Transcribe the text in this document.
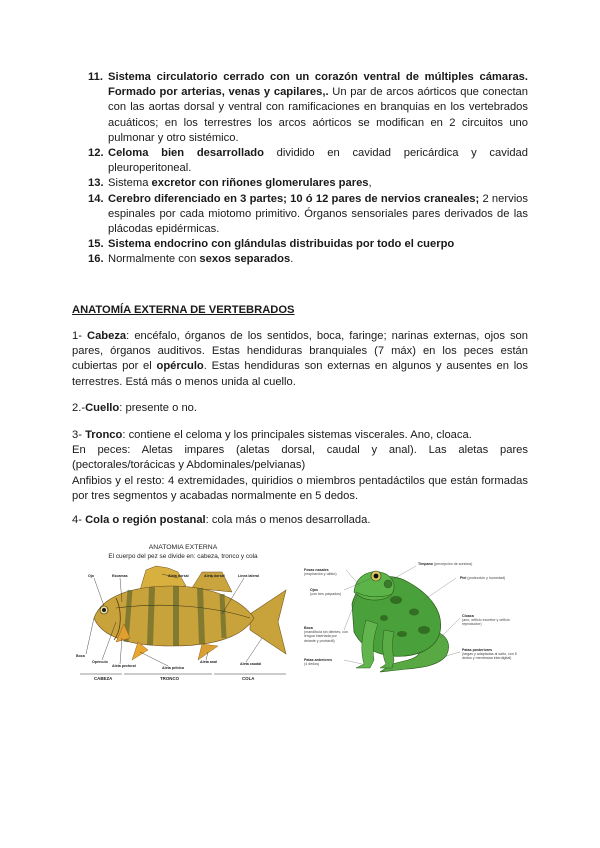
11. Sistema circulatorio cerrado con un corazón ventral de múltiples cámaras. Formado por arterias, venas y capilares,. Un par de arcos aórticos que conectan con las aortas dorsal y ventral con ramificaciones en branquias en los vertebrados acuáticos; en los terrestres los arcos aórticos se modifican en 2 circuitos uno pulmonar y otro sistémico.
12. Celoma bien desarrollado dividido en cavidad pericárdica y cavidad pleuroperitoneal.
13. Sistema excretor con riñones glomerulares pares,
14. Cerebro diferenciado en 3 partes; 10 ó 12 pares de nervios craneales; 2 nervios espinales por cada miotomo primitivo. Órganos sensoriales pares derivados de las plácodas epidérmicas.
15. Sistema endocrino con glándulas distribuidas por todo el cuerpo
16. Normalmente con sexos separados.
ANATOMÍA EXTERNA DE VERTEBRADOS
1- Cabeza: encéfalo, órganos de los sentidos, boca, faringe; narinas externas, ojos son pares, órganos auditivos. Estas hendiduras branquiales (7 máx) en los peces están cubiertas por el opérculo. Estas hendiduras son externas en algunos y ausentes en los terrestres. Está más o menos unida al cuello.
2.-Cuello: presente o no.
3- Tronco: contiene el celoma y los principales sistemas viscerales. Ano, cloaca.
En peces: Aletas impares (aletas dorsal, caudal y anal). Las aletas pares (pectorales/torácicas y Abdominales/pelvianas)
Anfibios y el resto: 4 extremidades, quiridios o miembros pentadáctilos que están formadas por tres segmentos y acabadas normalmente en 5 dedos.
4- Cola o región postanal: cola más o menos desarrollada.
ANATOMIA EXTERNA
El cuerpo del pez se divide en: cabeza, tronco y cola
Ojo	Escamas	Aleta dorsal	Aleta dorsal	Línea lateral
Boca
Opérculo
Aleta pectoral	Aleta pélvica
Aleta anal	Aleta caudal
CABEZA	TRONCO	COLA
Tímpano (percepción de sonidos)
Fosas nasales
(respiración y olfato)
Piel (protección y humedad)
Ojos
(con tres párpados)
Cloaca
(ano, orificio excretor y orificio reproductor)
Boca
(mandíbula sin dientes, con lengua insertada por delante y protráctil)
Patas posteriores
(largas y adaptadas al salto, con 5 dedos y membrana interdigital)
Patas anteriores
(4 dedos)
